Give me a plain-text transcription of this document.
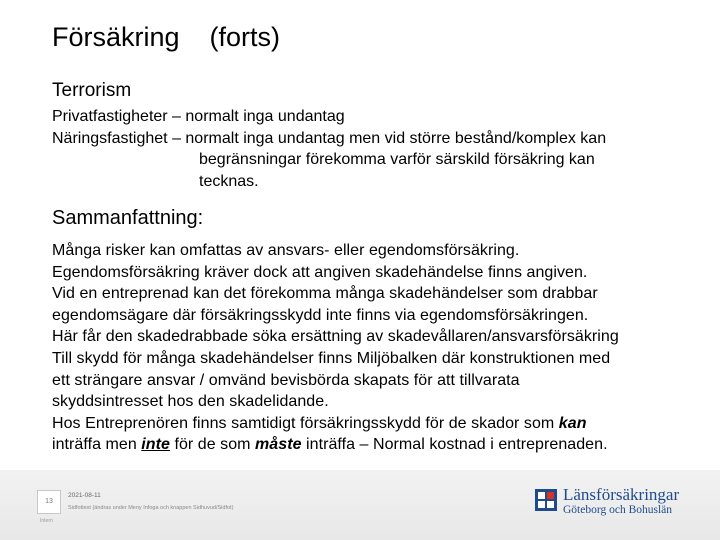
Försäkring (forts)
Terrorism
Privatfastigheter – normalt inga undantag
Näringsfastighet – normalt inga undantag men vid större bestånd/komplex kan
begränsningar förekomma varför särskild försäkring kan
tecknas.
Sammanfattning:
Många risker kan omfattas av ansvars- eller egendomsförsäkring.
Egendomsförsäkring kräver dock att angiven skadehändelse finns angiven.
Vid en entreprenad kan det förekomma många skadehändelser som drabbar
egendomsägare där försäkringsskydd inte finns via egendomsförsäkringen.
Här får den skadedrabbade söka ersättning av skadevållaren/ansvarsförsäkring
Till skydd för många skadehändelser finns Miljöbalken där konstruktionen med
ett strängare ansvar / omvänd bevisbörda skapats för att tillvarata
skyddsintresset hos den skadelidande.
Hos Entreprenören finns samtidigt försäkringsskydd för de skador som kan
inträffa men inte för de som måste inträffa – Normal kostnad i entreprenaden.
13
2021-08-11
Sidfottext (ändras under Meny Infoga och knappen Sidhuvud/Sidfot)
Intern
Länsförsäkringar
Göteborg och Bohuslän
